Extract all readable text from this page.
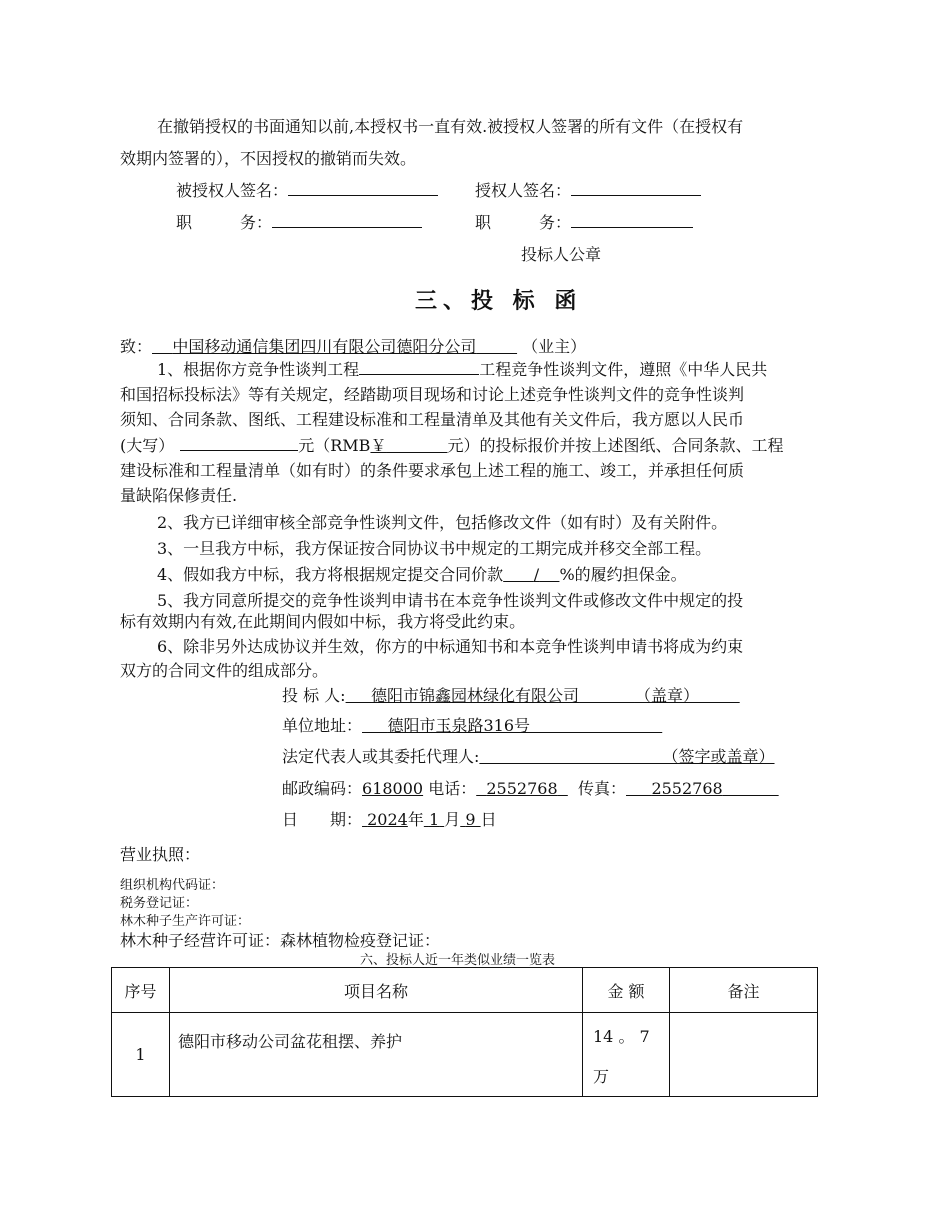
在撤销授权的书面通知以前,本授权书一直有效.被授权人签署的所有文件（在授权有
效期内签署的），不因授权的撤销而失效。
被授权人签名：	授权人签名：
职　　　务：	职　　　务：
投标人公章
三、投 标 函
致： 中国移动通信集团四川有限公司德阳分公司	（业主）
1、根据你方竞争性谈判工程	工程竞争性谈判文件，遵照《中华人民共
和国招标投标法》等有关规定，经踏勘项目现场和讨论上述竞争性谈判文件的竞争性谈判
须知、合同条款、图纸、工程建设标准和工程量清单及其他有关文件后，我方愿以人民币
(大写）	元（RMB￥	元）的投标报价并按上述图纸、合同条款、工程
建设标准和工程量清单（如有时）的条件要求承包上述工程的施工、竣工，并承担任何质
量缺陷保修责任.
2、我方已详细审核全部竞争性谈判文件，包括修改文件（如有时）及有关附件。
3、一旦我方中标，我方保证按合同协议书中规定的工期完成并移交全部工程。
4、假如我方中标，我方将根据规定提交合同价款 / %的履约担保金。
5、我方同意所提交的竞争性谈判申请书在本竞争性谈判文件或修改文件中规定的投
标有效期内有效,在此期间内假如中标，我方将受此约束。
6、除非另外达成协议并生效，你方的中标通知书和本竞争性谈判申请书将成为约束
双方的合同文件的组成部分。
投 标 人: 德阳市锦鑫园林绿化有限公司	（盖章）
单位地址： 德阳市玉泉路316号
法定代表人或其委托代理人:	（签字或盖章）
邮政编码：618000 电话： 2552768 传真： 2552768
日　　期： 2024年 1 月 9 日
营业执照：
组织机构代码证：
税务登记证：
林木种子生产许可证：
林木种子经营许可证：森林植物检疫登记证：
六、投标人近一年类似业绩一览表
序号	项目名称	金 额	备注
1	德阳市移动公司盆花租摆、养护	14 。 7
万	
